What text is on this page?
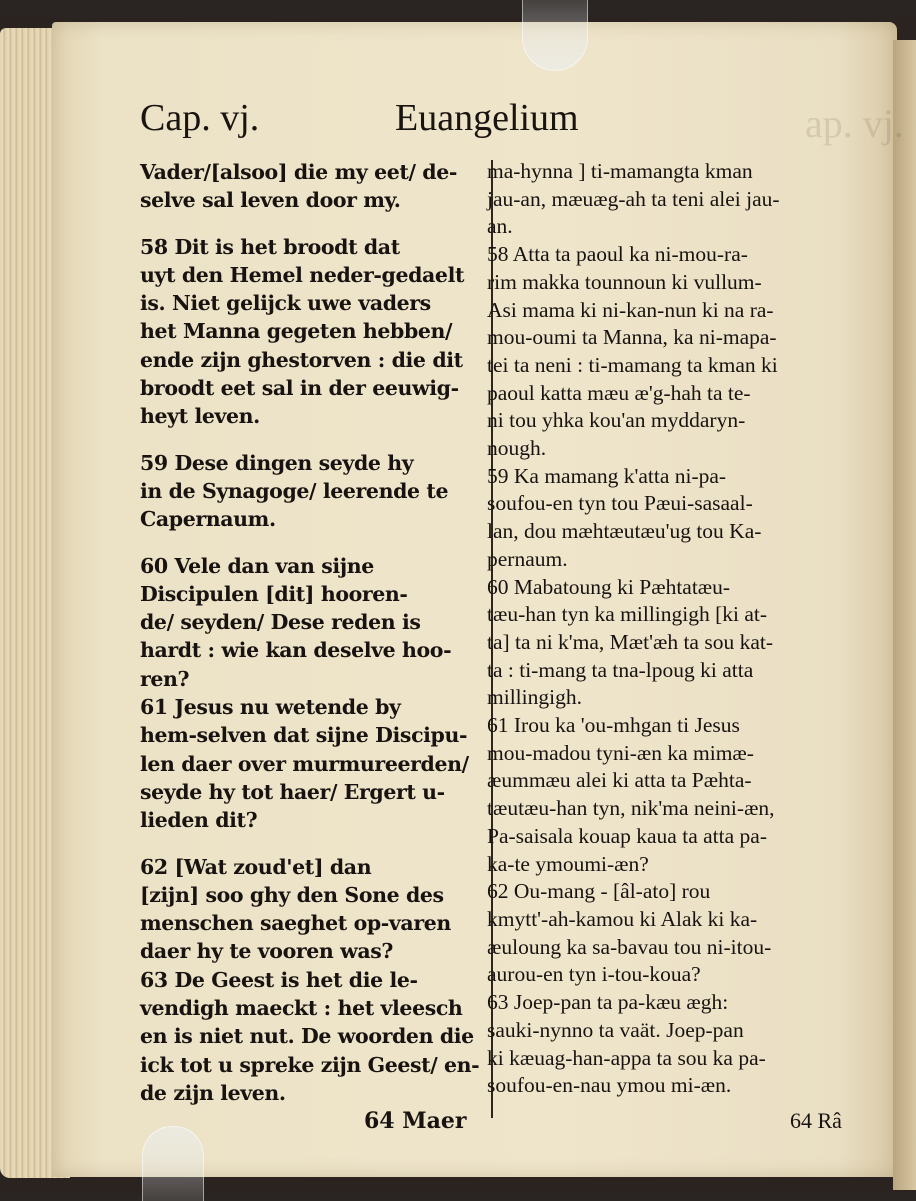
ap. vj.
Cap. vj.	Euangelium

Vader/[alsoo] die my eet/ de-

selve sal leven door my.

58 Dit is het broodt dat

uyt den Hemel neder-gedaelt

is. Niet gelijck uwe vaders

het Manna gegeten hebben/

ende zijn ghestorven : die dit

broodt eet sal in der eeuwig-

heyt leven.

59 Dese dingen seyde hy

in de Synagoge/ leerende te

Capernaum.

60 Vele dan van sijne

Discipulen [dit] hooren-

de/ seyden/ Dese reden is

hardt : wie kan deselve hoo-

ren?

61 Jesus nu wetende by

hem-selven dat sijne Discipu-

len daer over murmureerden/

seyde hy tot haer/ Ergert u-

lieden dit?

62 [Wat zoud'et] dan

[zijn] soo ghy den Sone des

menschen saeghet op-varen

daer hy te vooren was?

63 De Geest is het die le-

vendigh maeckt : het vleesch

en is niet nut. De woorden die

ick tot u spreke zijn Geest/ en-

de zijn leven.

ma-hynna ] ti-mamangta kman

jau-an, mæuæg-ah ta teni alei jau-

an.

58 Atta ta paoul ka ni-mou-ra-

rim makka tounnoun ki vullum-

Asi mama ki ni-kan-nun ki na ra-

mou-oumi ta Manna, ka ni-mapa-

tei ta neni : ti-mamang ta kman ki

paoul katta mæu æ'g-hah ta te-

ni tou yhka kou'an myddaryn-

nough.

59 Ka mamang k'atta ni-pa-

soufou-en tyn tou Pæui-sasaal-

lan, dou mæhtæutæu'ug tou Ka-

pernaum.

60 Mabatoung ki Pæhtatæu-

tæu-han tyn ka millingigh [ki at-

ta] ta ni k'ma, Mæt'æh ta sou kat-

ta : ti-mang ta tna-lpoug ki atta

millingigh.

61 Irou ka 'ou-mhgan ti Jesus

mou-madou tyni-æn ka mimæ-

æummæu alei ki atta ta Pæhta-

tæutæu-han tyn, nik'ma neini-æn,

Pa-saisala kouap kaua ta atta pa-

ka-te ymoumi-æn?

62 Ou-mang - [âl-ato] rou

kmytt'-ah-kamou ki Alak ki ka-

æuloung ka sa-bavau tou ni-itou-

aurou-en tyn i-tou-koua?

63 Joep-pan ta pa-kæu ægh:

sauki-nynno ta vaät. Joep-pan

ki kæuag-han-appa ta sou ka pa-

soufou-en-nau ymou mi-æn.

64 Maer	64 Râ
